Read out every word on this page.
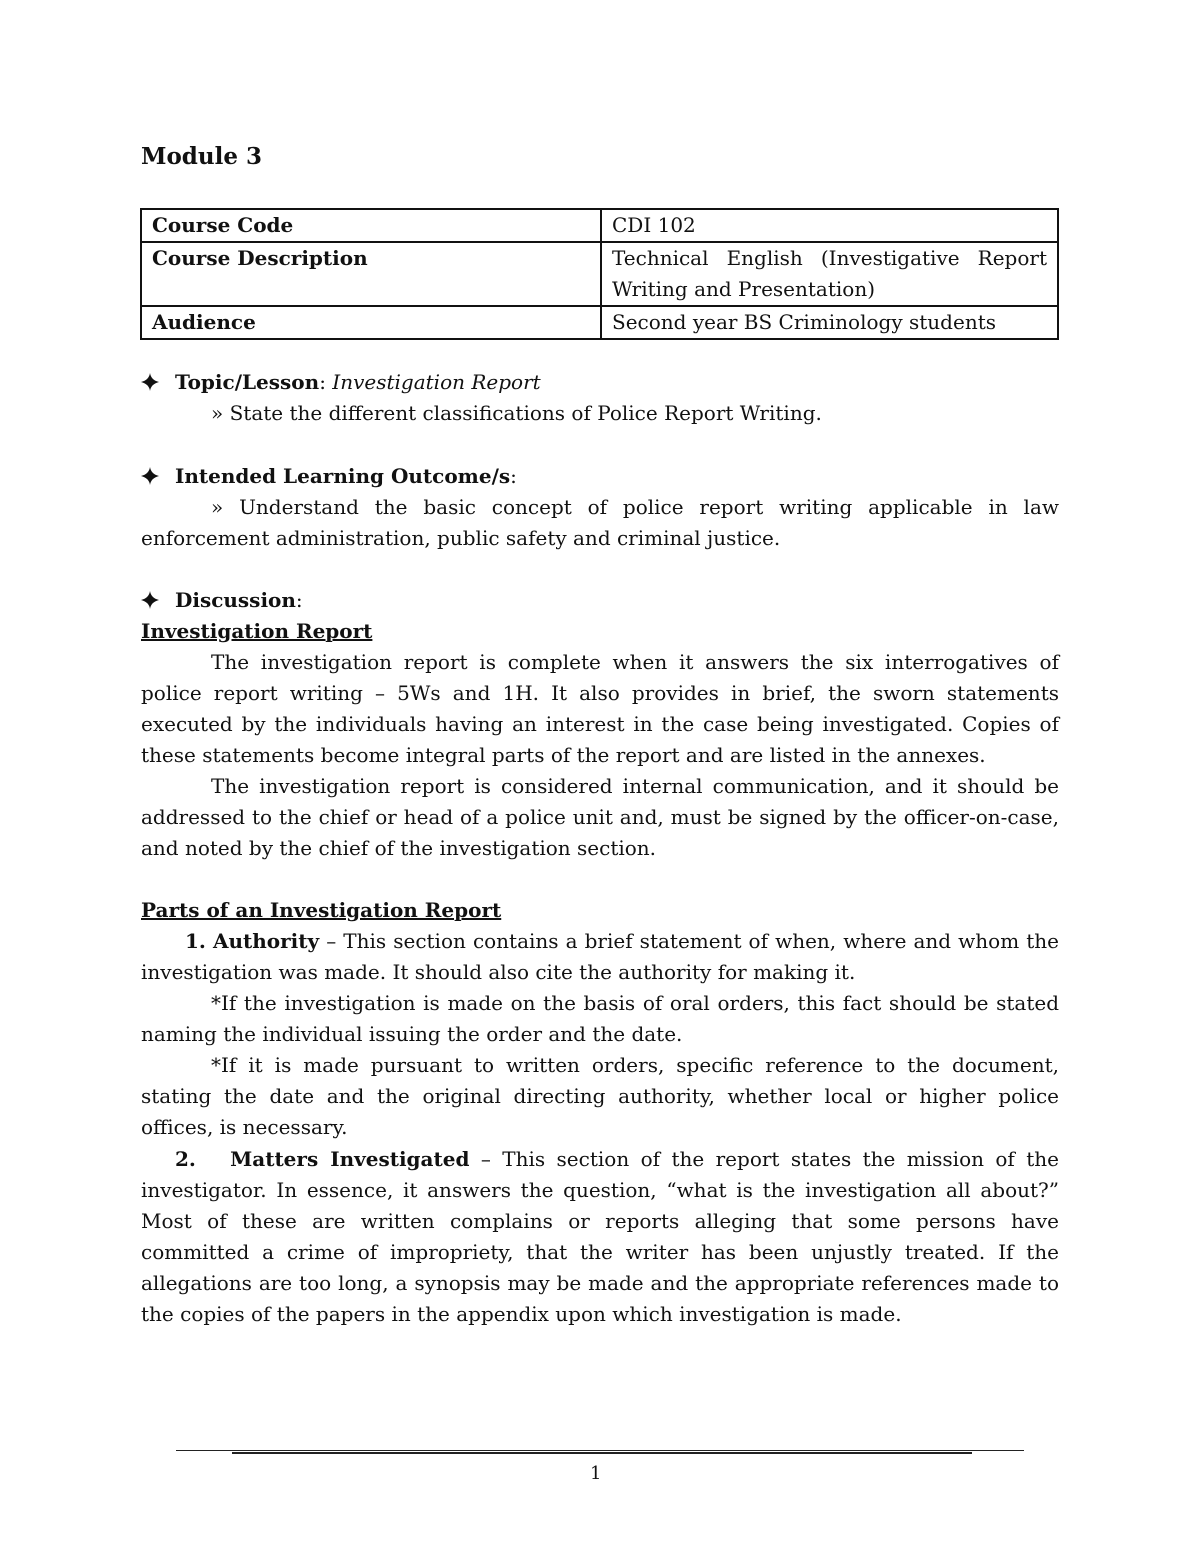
Module 3
Course Code	CDI 102
Course Description	Technical English (Investigative Report Writing and Presentation)
Audience	Second year BS Criminology students
Topic/Lesson: Investigation Report
» State the different classifications of Police Report Writing.
Intended Learning Outcome/s:
» Understand the basic concept of police report writing applicable in law enforcement administration, public safety and criminal justice.
Discussion:
Investigation Report
The investigation report is complete when it answers the six interrogatives of police report writing – 5Ws and 1H. It also provides in brief, the sworn statements executed by the individuals having an interest in the case being investigated. Copies of these statements become integral parts of the report and are listed in the annexes.
The investigation report is considered internal communication, and it should be addressed to the chief or head of a police unit and, must be signed by the officer-on-case, and noted by the chief of the investigation section.
Parts of an Investigation Report
1. Authority – This section contains a brief statement of when, where and whom the investigation was made. It should also cite the authority for making it.
*If the investigation is made on the basis of oral orders, this fact should be stated naming the individual issuing the order and the date.
*If it is made pursuant to written orders, specific reference to the document, stating the date and the original directing authority, whether local or higher police offices, is necessary.
2. Matters Investigated – This section of the report states the mission of the investigator. In essence, it answers the question, “what is the investigation all about?” Most of these are written complains or reports alleging that some persons have committed a crime of impropriety, that the writer has been unjustly treated. If the allegations are too long, a synopsis may be made and the appropriate references made to the copies of the papers in the appendix upon which investigation is made.
1
